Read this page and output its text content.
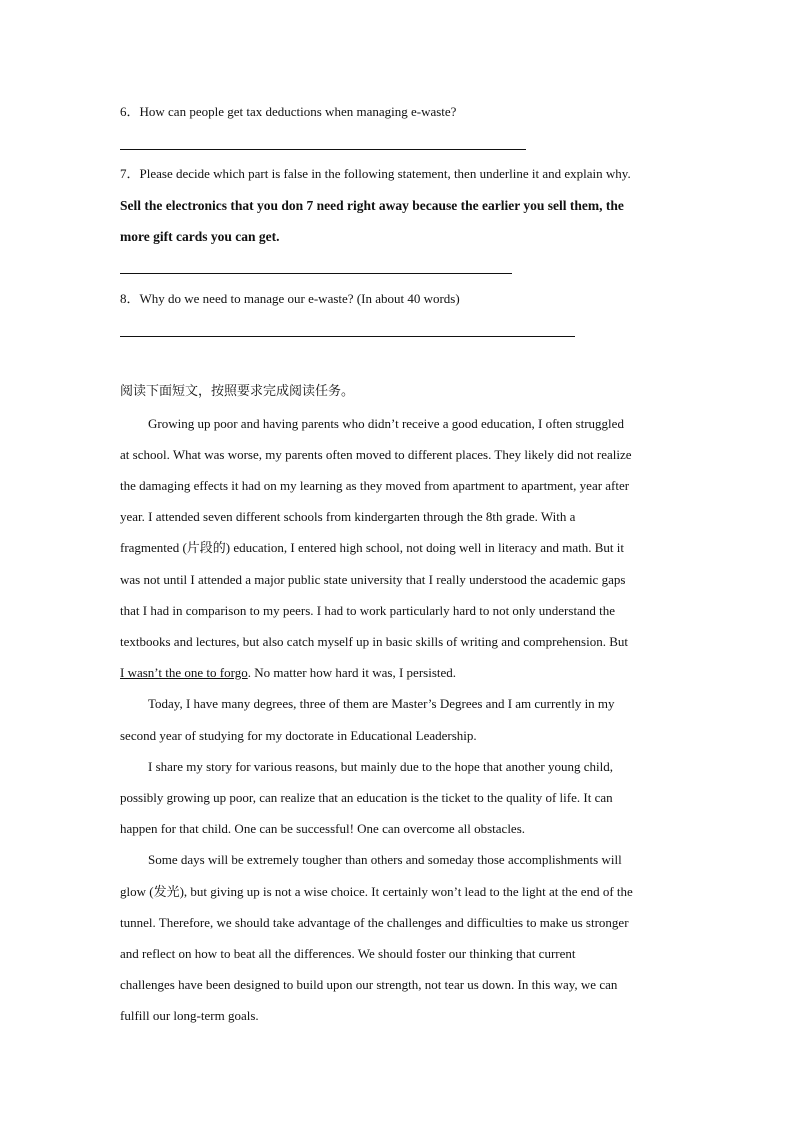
6．How can people get tax deductions when managing e-waste?
7．Please decide which part is false in the following statement, then underline it and explain why.
Sell the electronics that you don 7 need right away because the earlier you sell them, the
more gift cards you can get.
8．Why do we need to manage our e-waste? (In about 40 words)
阅读下面短文，按照要求完成阅读任务。
Growing up poor and having parents who didn’t receive a good education, I often struggled
at school. What was worse, my parents often moved to different places. They likely did not realize
the damaging effects it had on my learning as they moved from apartment to apartment, year after
year. I attended seven different schools from kindergarten through the 8th grade. With a
fragmented (片段的) education, I entered high school, not doing well in literacy and math. But it
was not until I attended a major public state university that I really understood the academic gaps
that I had in comparison to my peers. I had to work particularly hard to not only understand the
textbooks and lectures, but also catch myself up in basic skills of writing and comprehension. But
I wasn’t the one to forgo. No matter how hard it was, I persisted.
Today, I have many degrees, three of them are Master’s Degrees and I am currently in my
second year of studying for my doctorate in Educational Leadership.
I share my story for various reasons, but mainly due to the hope that another young child,
possibly growing up poor, can realize that an education is the ticket to the quality of life. It can
happen for that child. One can be successful! One can overcome all obstacles.
Some days will be extremely tougher than others and someday those accomplishments will
glow (发光), but giving up is not a wise choice. It certainly won’t lead to the light at the end of the
tunnel. Therefore, we should take advantage of the challenges and difficulties to make us stronger
and reflect on how to beat all the differences. We should foster our thinking that current
challenges have been designed to build upon our strength, not tear us down. In this way, we can
fulfill our long-term goals.
